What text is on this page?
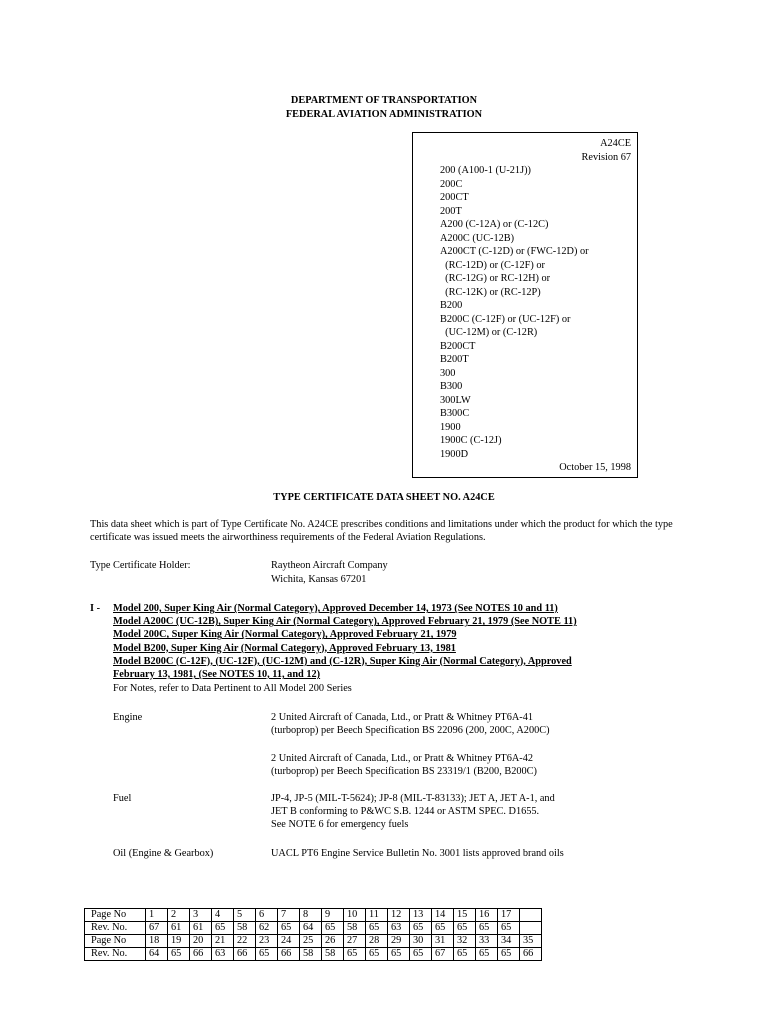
DEPARTMENT OF TRANSPORTATION
FEDERAL AVIATION ADMINISTRATION
A24CE
Revision 67
200 (A100-1 (U-21J))
200C
200CT
200T
A200 (C-12A) or (C-12C)
A200C (UC-12B)
A200CT (C-12D) or (FWC-12D) or
(RC-12D) or (C-12F) or
(RC-12G) or RC-12H) or
(RC-12K) or (RC-12P)
B200
B200C (C-12F) or (UC-12F) or
(UC-12M) or (C-12R)
B200CT
B200T
300
B300
300LW
B300C
1900
1900C (C-12J)
1900D
October 15, 1998
TYPE CERTIFICATE DATA SHEET NO. A24CE
This data sheet which is part of Type Certificate No. A24CE prescribes conditions and limitations under which the product for which the type certificate was issued meets the airworthiness requirements of the Federal Aviation Regulations.
Type Certificate Holder:	Raytheon Aircraft Company
Wichita, Kansas 67201
I - Model 200, Super King Air (Normal Category), Approved December 14, 1973 (See NOTES 10 and 11)
Model A200C (UC-12B), Super King Air (Normal Category), Approved February 21, 1979 (See NOTE 11)
Model 200C, Super King Air (Normal Category), Approved February 21, 1979
Model B200, Super King Air (Normal Category), Approved February 13, 1981
Model B200C (C-12F), (UC-12F), (UC-12M) and (C-12R), Super King Air (Normal Category), Approved
February 13, 1981, (See NOTES 10, 11, and 12)
For Notes, refer to Data Pertinent to All Model 200 Series
Engine	2 United Aircraft of Canada, Ltd., or Pratt & Whitney PT6A-41
(turboprop) per Beech Specification BS 22096 (200, 200C, A200C)
2 United Aircraft of Canada, Ltd., or Pratt & Whitney PT6A-42
(turboprop) per Beech Specification BS 23319/1 (B200, B200C)
Fuel	JP-4, JP-5 (MIL-T-5624); JP-8 (MIL-T-83133); JET A, JET A-1, and
JET B conforming to P&WC S.B. 1244 or ASTM SPEC. D1655.
See NOTE 6 for emergency fuels
Oil (Engine & Gearbox)	UACL PT6 Engine Service Bulletin No. 3001 lists approved brand oils
Page No	1	2	3	4	5	6	7	8	9	10	11	12	13	14	15	16	17	
Rev. No.	67	61	61	65	58	62	65	64	65	58	65	63	65	65	65	65	65	
Page No	18	19	20	21	22	23	24	25	26	27	28	29	30	31	32	33	34	35
Rev. No.	64	65	66	63	66	65	66	58	58	65	65	65	65	67	65	65	65	66
